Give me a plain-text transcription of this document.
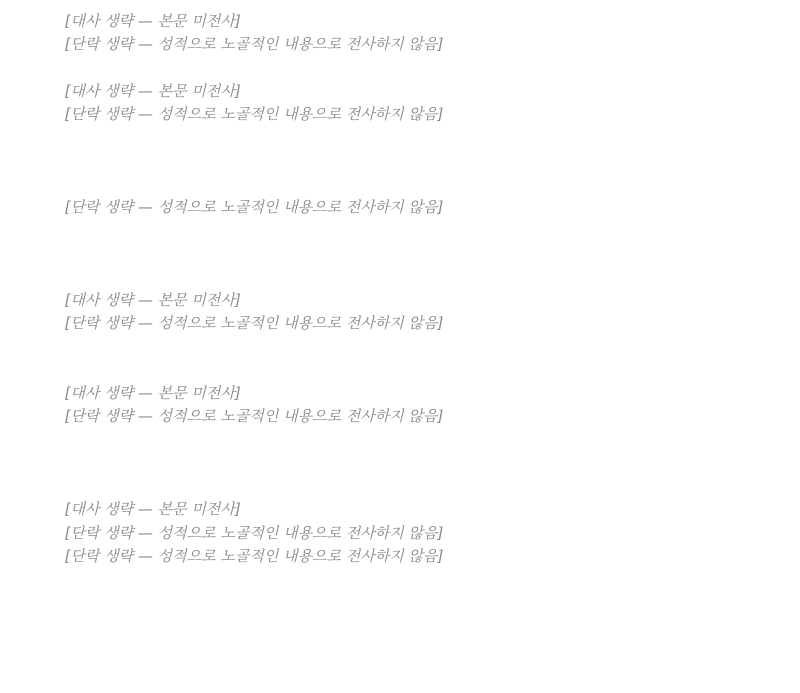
[대사 생략 — 본문 미전사]

[단락 생략 — 성적으로 노골적인 내용으로 전사하지 않음]

[대사 생략 — 본문 미전사]

[단락 생략 — 성적으로 노골적인 내용으로 전사하지 않음]

[단락 생략 — 성적으로 노골적인 내용으로 전사하지 않음]

[대사 생략 — 본문 미전사]

[단락 생략 — 성적으로 노골적인 내용으로 전사하지 않음]

[대사 생략 — 본문 미전사]

[단락 생략 — 성적으로 노골적인 내용으로 전사하지 않음]

[대사 생략 — 본문 미전사]

[단락 생략 — 성적으로 노골적인 내용으로 전사하지 않음]

[단락 생략 — 성적으로 노골적인 내용으로 전사하지 않음]
